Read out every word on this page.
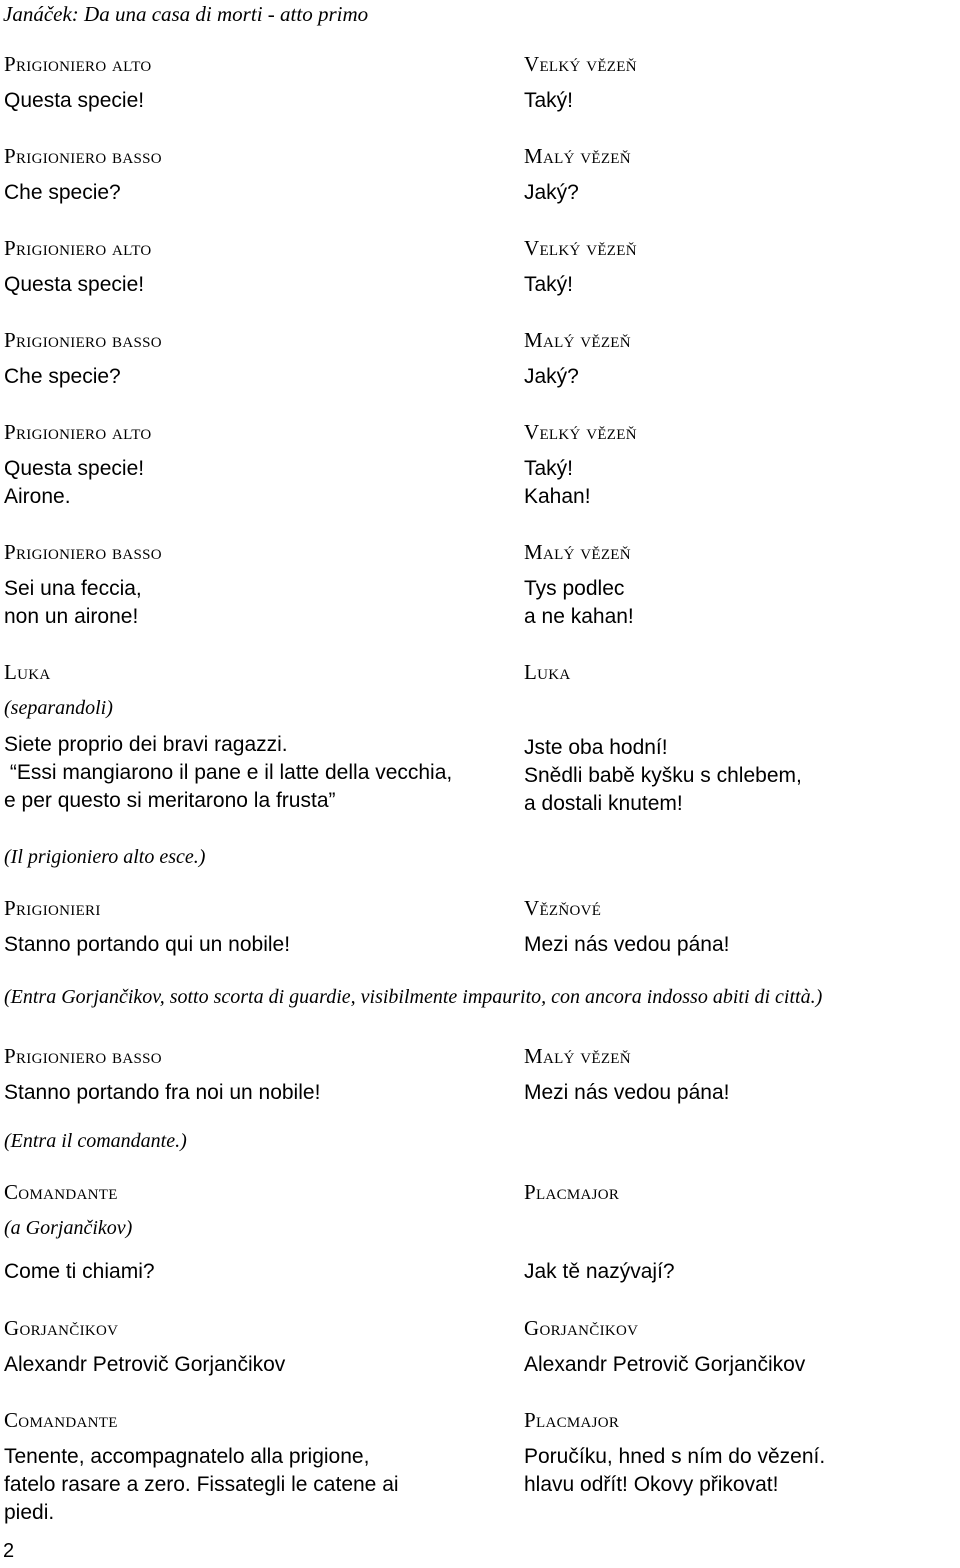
Janáček: Da una casa di morti - atto primo
Prigioniero alto
Questa specie!
Prigioniero basso
Che specie?
Prigioniero alto
Questa specie!
Prigioniero basso
Che specie?
Prigioniero alto
Questa specie!
Airone.
Prigioniero basso
Sei una feccia,
non un airone!
Luka
(separandoli)
Siete proprio dei bravi ragazzi.
“Essi mangiarono il pane e il latte della vecchia,
e per questo si meritarono la frusta”
(Il prigioniero alto esce.)
Prigionieri
Stanno portando qui un nobile!
(Entra Gorjančikov, sotto scorta di guardie, visibilmente impaurito, con ancora indosso abiti di città.)
Prigioniero basso
Stanno portando fra noi un nobile!
(Entra il comandante.)
Comandante
(a Gorjančikov)
Come ti chiami?
Gorjančikov
Alexandr Petrovič Gorjančikov
Comandante
Tenente, accompagnatelo alla prigione,
fatelo rasare a zero. Fissategli le catene ai
piedi.
Velký vězeň
Taký!
Malý vězeň
Jaký?
Velký vězeň
Taký!
Malý vězeň
Jaký?
Velký vězeň
Taký!
Kahan!
Malý vězeň
Tys podlec
a ne kahan!
Luka
Jste oba hodní!
Snědli babě kyšku s chlebem,
a dostali knutem!
Vězňové
Mezi nás vedou pána!
Malý vězeň
Mezi nás vedou pána!
Placmajor
Jak tě nazývají?
Gorjančikov
Alexandr Petrovič Gorjančikov
Placmajor
Poručíku, hned s ním do vězení.
hlavu odřít! Okovy přikovat!
2
